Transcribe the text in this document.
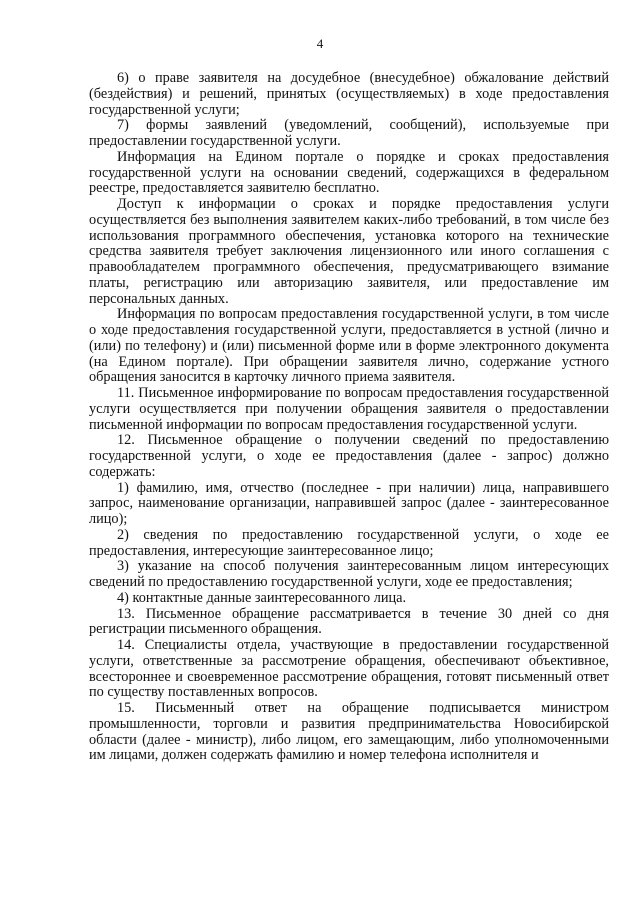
4

6) о праве заявителя на досудебное (внесудебное) обжалование действий (бездействия) и решений, принятых (осуществляемых) в ходе предоставления государственной услуги;

7) формы заявлений (уведомлений, сообщений), используемые при предоставлении государственной услуги.

Информация на Едином портале о порядке и сроках предоставления государственной услуги на основании сведений, содержащихся в федеральном реестре, предоставляется заявителю бесплатно.

Доступ к информации о сроках и порядке предоставления услуги осуществляется без выполнения заявителем каких-либо требований, в том числе без использования программного обеспечения, установка которого на технические средства заявителя требует заключения лицензионного или иного соглашения с правообладателем программного обеспечения, предусматривающего взимание платы, регистрацию или авторизацию заявителя, или предоставление им персональных данных.

Информация по вопросам предоставления государственной услуги, в том числе о ходе предоставления государственной услуги, предоставляется в устной (лично и (или) по телефону) и (или) письменной форме или в форме электронного документа (на Едином портале). При обращении заявителя лично, содержание устного обращения заносится в карточку личного приема заявителя.

11. Письменное информирование по вопросам предоставления государственной услуги осуществляется при получении обращения заявителя о предоставлении письменной информации по вопросам предоставления государственной услуги.

12. Письменное обращение о получении сведений по предоставлению государственной услуги, о ходе ее предоставления (далее - запрос) должно содержать:

1) фамилию, имя, отчество (последнее - при наличии) лица, направившего запрос, наименование организации, направившей запрос (далее - заинтересованное лицо);

2) сведения по предоставлению государственной услуги, о ходе ее предоставления, интересующие заинтересованное лицо;

3) указание на способ получения заинтересованным лицом интересующих сведений по предоставлению государственной услуги, ходе ее предоставления;

4) контактные данные заинтересованного лица.

13. Письменное обращение рассматривается в течение 30 дней со дня регистрации письменного обращения.

14. Специалисты отдела, участвующие в предоставлении государственной услуги, ответственные за рассмотрение обращения, обеспечивают объективное, всестороннее и своевременное рассмотрение обращения, готовят письменный ответ по существу поставленных вопросов.

15. Письменный ответ на обращение подписывается министром промышленности, торговли и развития предпринимательства Новосибирской области (далее - министр), либо лицом, его замещающим, либо уполномоченными им лицами, должен содержать фамилию и номер телефона исполнителя и
